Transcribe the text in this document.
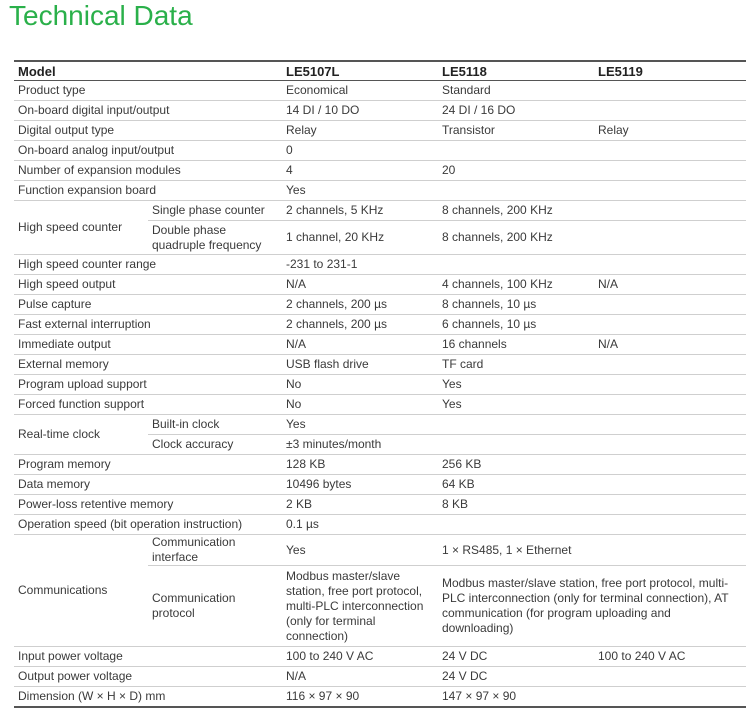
Technical Data
Model		LE5107L	LE5118	LE5119
Product type		Economical	Standard	
On-board digital input/output		14 DI / 10 DO	24 DI / 16 DO	
Digital output type		Relay	Transistor	Relay
On-board analog input/output		0		
Number of expansion modules		4	20	
Function expansion board		Yes		
High speed counter	Single phase counter	2 channels, 5 KHz	8 channels, 200 KHz	
	Double phase quadruple frequency	1 channel, 20 KHz	8 channels, 200 KHz	
High speed counter range		-231 to 231-1		
High speed output		N/A	4 channels, 100 KHz	N/A
Pulse capture		2 channels, 200 µs	8 channels, 10 µs	
Fast external interruption		2 channels, 200 µs	6 channels, 10 µs	
Immediate output		N/A	16 channels	N/A
External memory		USB flash drive	TF card	
Program upload support		No	Yes	
Forced function support		No	Yes	
Real-time clock	Built-in clock	Yes		
	Clock accuracy	±3 minutes/month		
Program memory		128 KB	256 KB	
Data memory		10496 bytes	64 KB	
Power-loss retentive memory		2 KB	8 KB	
Operation speed (bit operation instruction)		0.1 µs		
Communications	Communication interface	Yes	1 × RS485, 1 × Ethernet	
	Communication protocol	Modbus master/slave station, free port protocol, multi-PLC interconnection (only for terminal connection)	Modbus master/slave station, free port protocol, multi-PLC interconnection (only for terminal connection), AT communication (for program uploading and downloading)	
Input power voltage		100 to 240 V AC	24 V DC	100 to 240 V AC
Output power voltage		N/A	24 V DC	
Dimension (W × H × D) mm		116 × 97 × 90	147 × 97 × 90	
